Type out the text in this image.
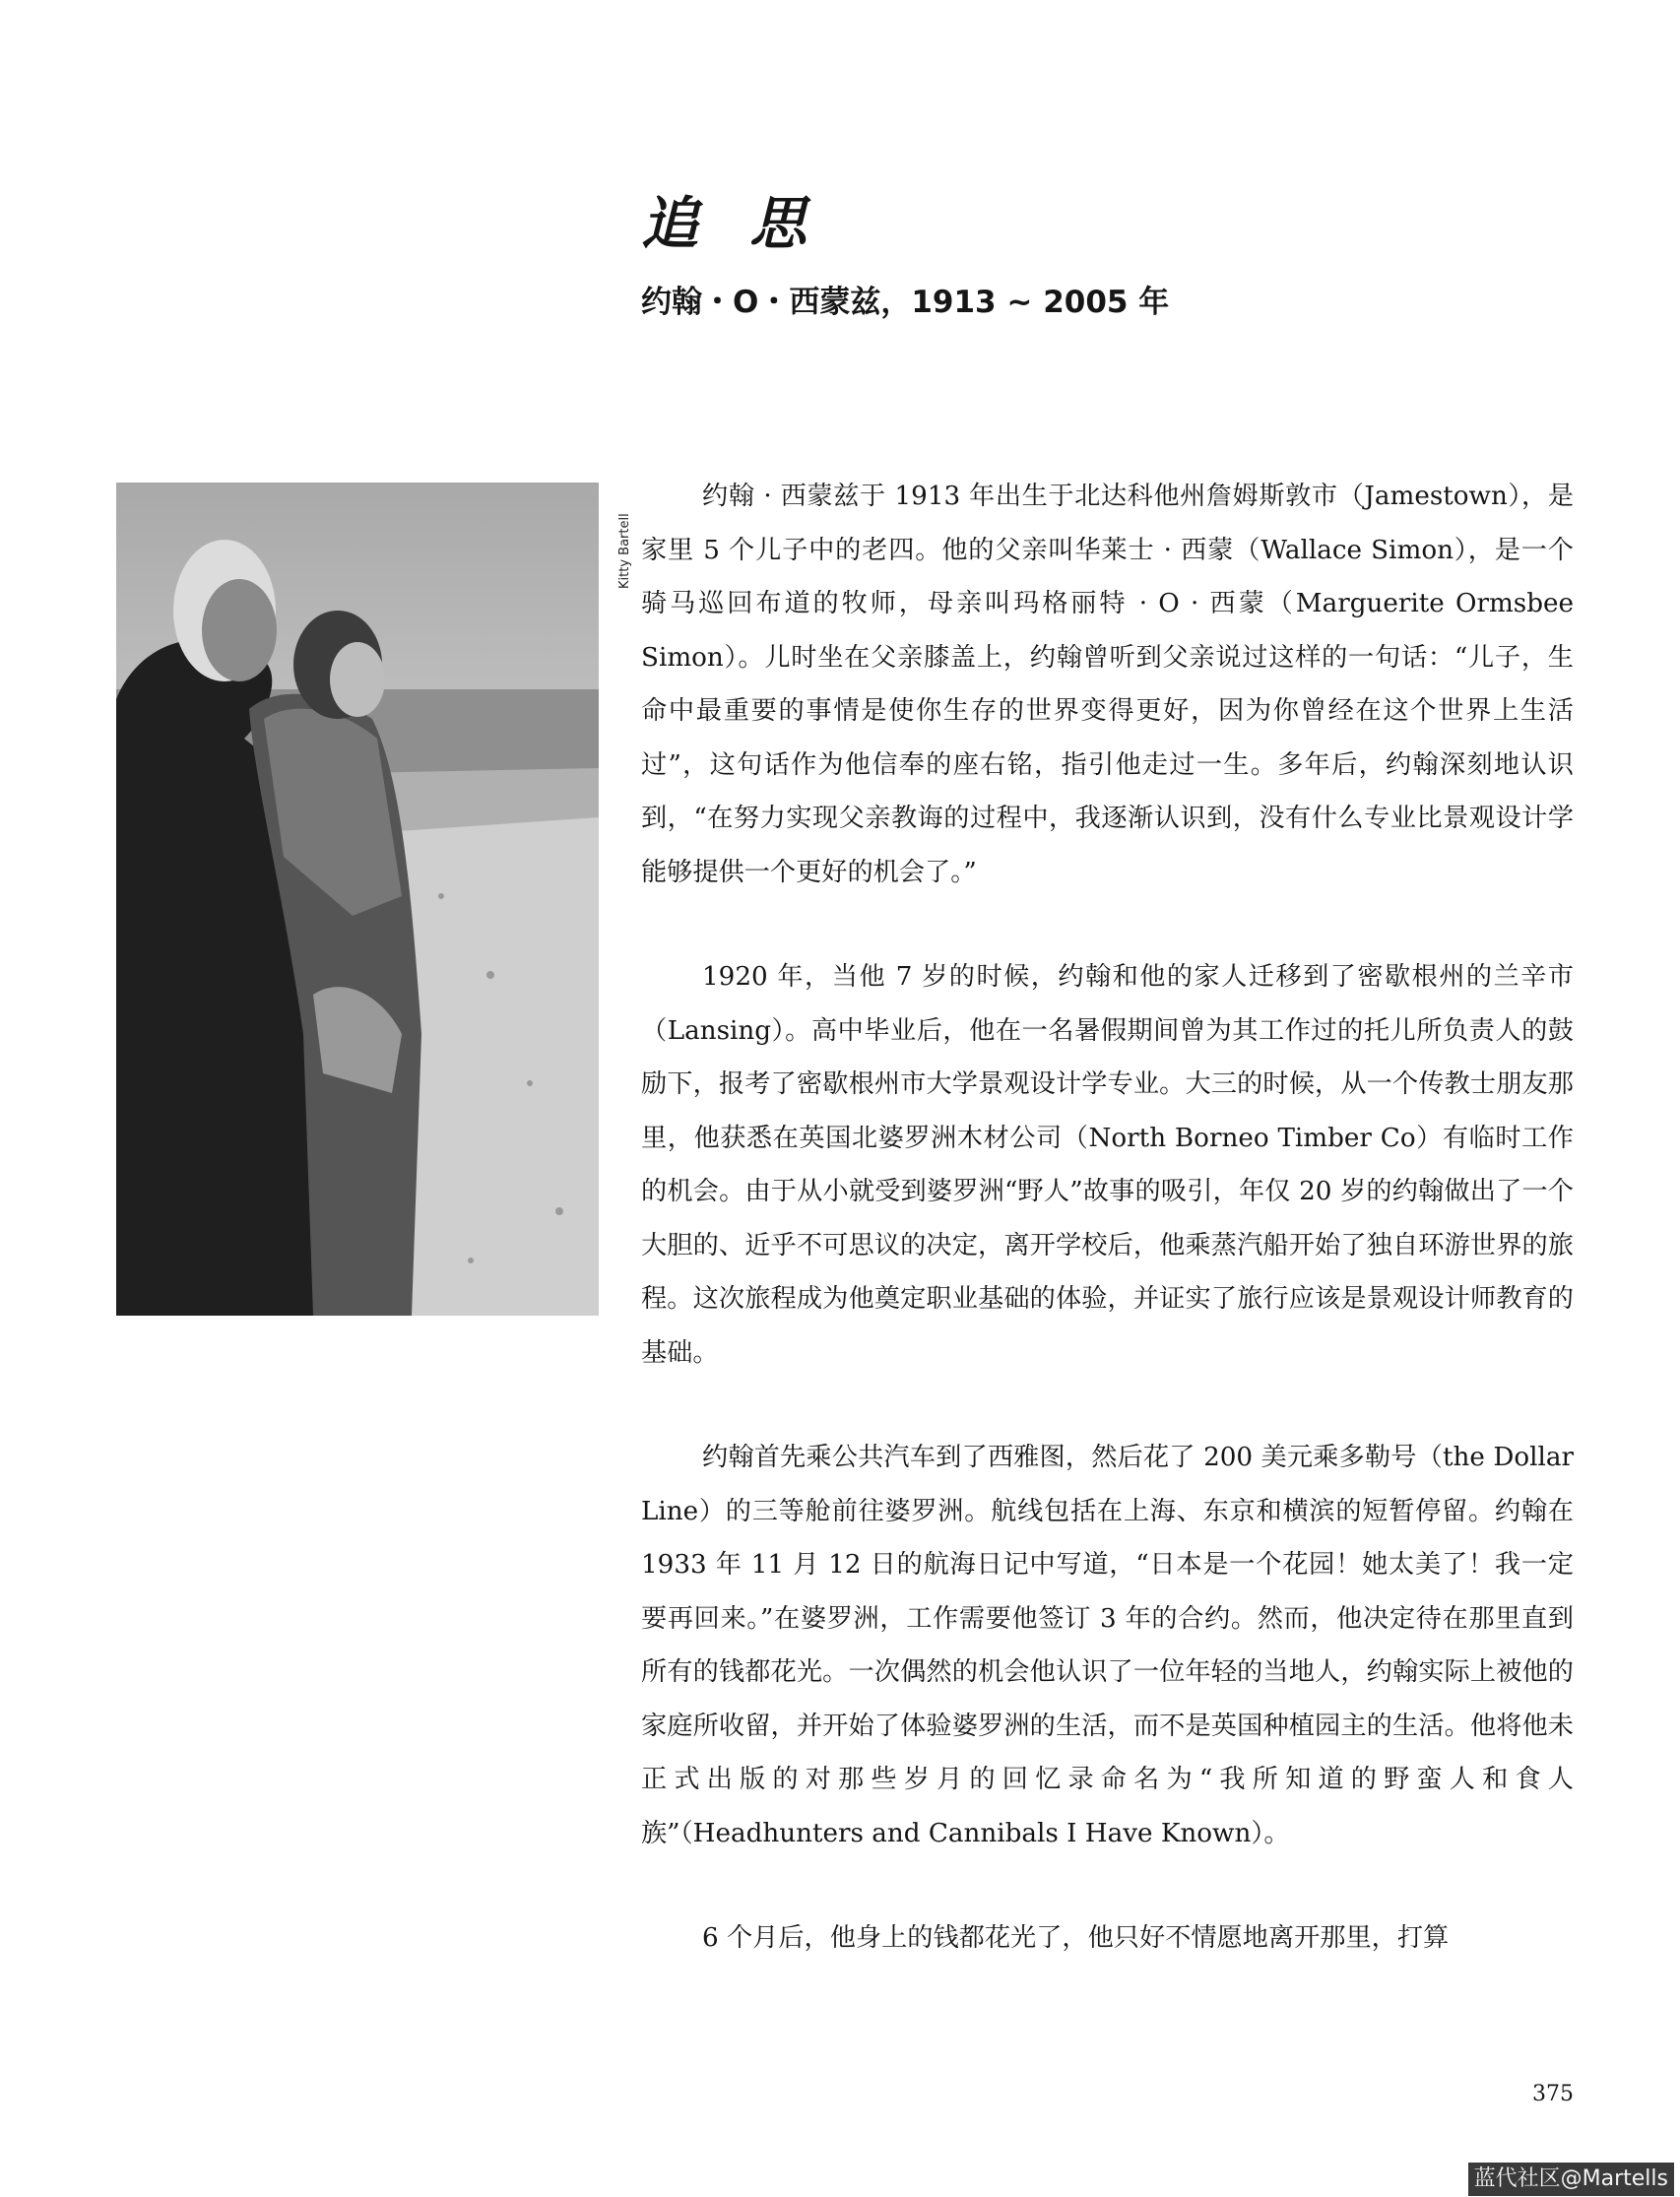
追思
约翰・O・西蒙兹，1913 ~ 2005 年
Kitty Bartell

约翰 · 西蒙兹于 1913 年出生于北达科他州詹姆斯敦市（Jamestown），是家里 5 个儿子中的老四。他的父亲叫华莱士 · 西蒙（Wallace Simon），是一个骑马巡回布道的牧师，母亲叫玛格丽特 · O · 西蒙（Marguerite Ormsbee Simon）。儿时坐在父亲膝盖上，约翰曾听到父亲说过这样的一句话：“儿子，生命中最重要的事情是使你生存的世界变得更好，因为你曾经在这个世界上生活过”，这句话作为他信奉的座右铭，指引他走过一生。多年后，约翰深刻地认识到，“在努力实现父亲教诲的过程中，我逐渐认识到，没有什么专业比景观设计学能够提供一个更好的机会了。”

1920 年，当他 7 岁的时候，约翰和他的家人迁移到了密歇根州的兰辛市（Lansing）。高中毕业后，他在一名暑假期间曾为其工作过的托儿所负责人的鼓励下，报考了密歇根州市大学景观设计学专业。大三的时候，从一个传教士朋友那里，他获悉在英国北婆罗洲木材公司（North Borneo Timber Co）有临时工作的机会。由于从小就受到婆罗洲“野人”故事的吸引，年仅 20 岁的约翰做出了一个大胆的、近乎不可思议的决定，离开学校后，他乘蒸汽船开始了独自环游世界的旅程。这次旅程成为他奠定职业基础的体验，并证实了旅行应该是景观设计师教育的基础。

约翰首先乘公共汽车到了西雅图，然后花了 200 美元乘多勒号（the Dollar Line）的三等舱前往婆罗洲。航线包括在上海、东京和横滨的短暂停留。约翰在 1933 年 11 月 12 日的航海日记中写道，“日本是一个花园！她太美了！我一定要再回来。”在婆罗洲，工作需要他签订 3 年的合约。然而，他决定待在那里直到所有的钱都花光。一次偶然的机会他认识了一位年轻的当地人，约翰实际上被他的家庭所收留，并开始了体验婆罗洲的生活，而不是英国种植园主的生活。他将他未正式出版的对那些岁月的回忆录命名为“我所知道的野蛮人和食人族”（Headhunters and Cannibals I Have Known）。

6 个月后，他身上的钱都花光了，他只好不情愿地离开那里，打算

375
蓝代社区@Martells
